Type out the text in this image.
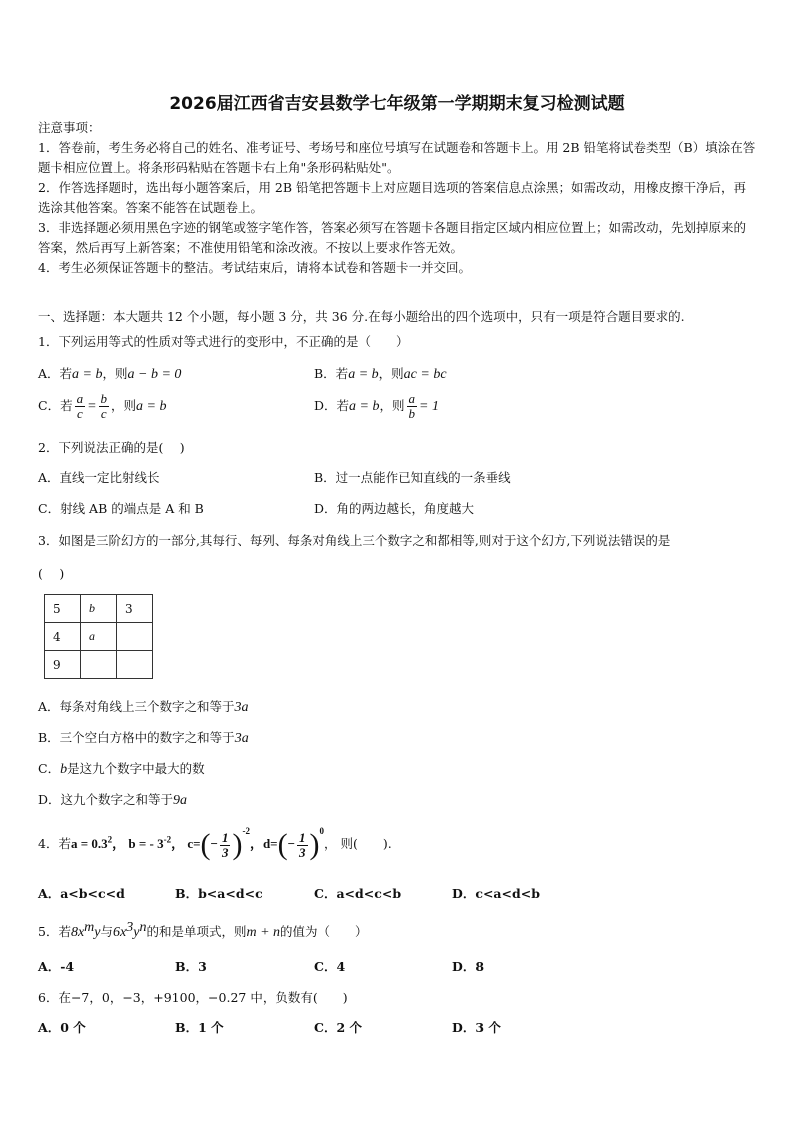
2026届江西省吉安县数学七年级第一学期期末复习检测试题
注意事项：
1．答卷前，考生务必将自己的姓名、准考证号、考场号和座位号填写在试题卷和答题卡上。用 2B 铅笔将试卷类型（B）填涂在答题卡相应位置上。将条形码粘贴在答题卡右上角"条形码粘贴处"。
2．作答选择题时，选出每小题答案后，用 2B 铅笔把答题卡上对应题目选项的答案信息点涂黑；如需改动，用橡皮擦干净后，再选涂其他答案。答案不能答在试题卷上。
3．非选择题必须用黑色字迹的钢笔或签字笔作答，答案必须写在答题卡各题目指定区域内相应位置上；如需改动，先划掉原来的答案，然后再写上新答案；不准使用铅笔和涂改液。不按以上要求作答无效。
4．考生必须保证答题卡的整洁。考试结束后，请将本试卷和答题卡一并交回。
一、选择题：本大题共 12 个小题，每小题 3 分，共 36 分.在每小题给出的四个选项中，只有一项是符合题目要求的.
1．下列运用等式的性质对等式进行的变形中，不正确的是（　　）
A．若a = b，则a − b = 0	B．若a = b，则ac = bc
C．若 $\frac{a}{c} = \frac{b}{c}$ ，则a = b	D．若a = b，则 $\frac{a}{b} = 1$
2．下列说法正确的是(　 )
A．直线一定比射线长	B．过一点能作已知直线的一条垂线
C．射线 AB 的端点是 A 和 B	D．角的两边越长，角度越大
3．如图是三阶幻方的一部分,其每行、每列、每条对角线上三个数字之和都相等,则对于这个幻方,下列说法错误的是
(　 )
5	b	3
4	a	
9		
A．每条对角线上三个数字之和等于3a
B．三个空白方格中的数字之和等于3a
C．b是这九个数字中最大的数
D．这九个数字之和等于9a
4．若$a = 0.3^2$， b = - $3^{-2}$， $c=(- \frac{1}{3} )^{-2}$，$d=(- \frac{1}{3} )^0$， 则(　　).
A．a<b<c<d	B．b<a<d<c	C．a<d<c<b	D．c<a<d<b
5．若$8x^my$与$6x^3y^n$的和是单项式，则m + n的值为（　　）
A．-4	B．3	C．4	D．8
6．在−7，0，−3，+9100，−0.27 中，负数有(　　)
A．0 个	B．1 个	C．2 个	D．3 个
